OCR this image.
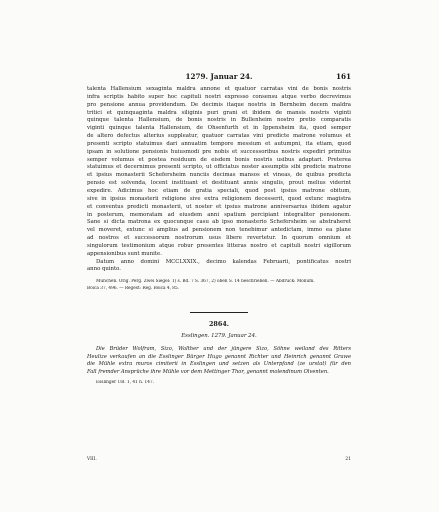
1279. Januar 24.	161
talenta Hallensium sexaginta maldra annone et quatuor carratas vini de bonis nostris
infra scriptis habito super hoc capituli nostri expresso consensu atque verbo decrevimus
pro pensione annua providendum. De decimis itaque nostris in Bernheim decem maldra
tritici et quinquaginta maldra siliginis puri grani et ibidem de mansis nostris viginti
quinque talenta Hallensium, de bonis nostris in Bullenheim nostro pretio comparatis
viginti quinque talenta Hallensium, de Ohsenfurth et in Ippensheim ita, quod semper
de altero defectus alterius suppleatur, quatuor carratas vini predicte matrone volumus et
presenti scripto statuimus dari annuatim tempore messium et autumpni, ita etiam, quod
ipsam in solutione pensionis huiusmodi pre nobis et successoribus nostris expediri primitus
semper volumus et postea residuum de eisdem bonis nostris usibus adaptari. Preterea
statuimus et decernimus presenti scripto, ut officiatus noster assumptis sibi predicte matrone
et ipsius monasterii Schefersheim nunciis decimas mansos et vineas, de quibus predicta
pensio est solvenda, locent instituant et destituant annis singulis, prout melius viderint
expedire. Adicimus hoc etiam de gratia speciali, quod post ipsius matrone obitum,
sive in ipsius monasterii religione sive extra religionem decesserit, quod extunc magistra
et conventus predicti monasterii, ut noster et ipsius matrone anniversarius ibidem agatur
in posterum, memoratam ad eiusdem anni spatium percipiant integraliter pensionem.
Sane si dicta matrona ex quocunque casu ab ipso monasterio Schefersheim se abstraheret
vel moveret, extunc si amplius ad pensionem non tenebimur antedictam, immo ea plane
ad nostros et successorum nostrorum usus libere revertetur. In quorum omnium et
singulorum testimonium atque robur presentes litteras nostro et capituli nostri sigillorum
appensionibus sunt munite.
Datum anno domini MCCLXXIX., decimo kalendas Februarii, pontificatus nostri
anno quinto.
München. Orig. Perg. Zwei Siegel: 1) s. Bd. 7 S. 367, 2) oben S. 14 beschrieben. — Abdruck: Monum.
Boica 37, 496. — Regest: Reg. Boica 4, 85.
2864.
Esslingen. 1279. Januar 24.
Die Brüder Wolfram, Sizo, Walther und der jüngere Sizo, Söhne weiland des Ritters
Heulize verkaufen an die Esslinger Bürger Hugo genannt Richter und Heinrich genannt Grawe
die Mühle extra muros cimiterii in Esslingen und setzen als Unterpfand (ze urstat) für den
Fall fremder Ansprüche ihre Mühle vor dem Mettinger Thor, genannt molendinum Olventen.
Esslinger UB. 1, 41 n. 147.
VIII.	21
